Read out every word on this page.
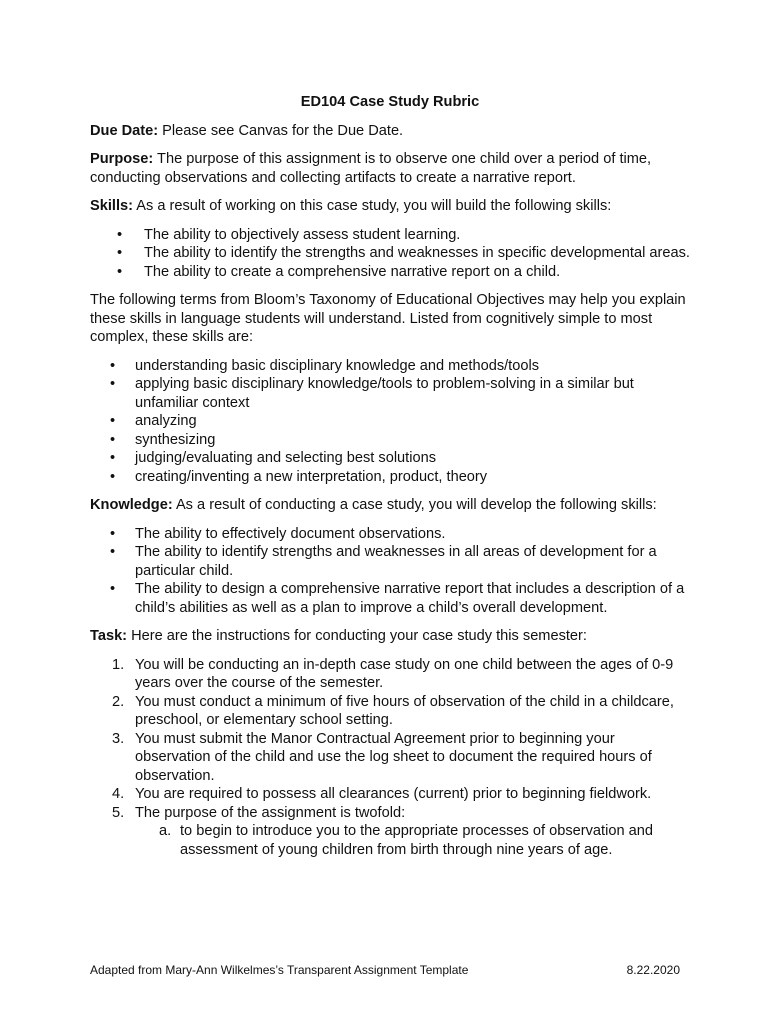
ED104 Case Study Rubric

Due Date: Please see Canvas for the Due Date.

Purpose: The purpose of this assignment is to observe one child over a period of time, conducting observations and collecting artifacts to create a narrative report.

Skills: As a result of working on this case study, you will build the following skills:

• The ability to objectively assess student learning.
• The ability to identify the strengths and weaknesses in specific developmental areas.
• The ability to create a comprehensive narrative report on a child.

The following terms from Bloom’s Taxonomy of Educational Objectives may help you explain these skills in language students will understand. Listed from cognitively simple to most complex, these skills are:

• understanding basic disciplinary knowledge and methods/tools
• applying basic disciplinary knowledge/tools to problem-solving in a similar but unfamiliar context
• analyzing
• synthesizing
• judging/evaluating and selecting best solutions
• creating/inventing a new interpretation, product, theory

Knowledge: As a result of conducting a case study, you will develop the following skills:

• The ability to effectively document observations.
• The ability to identify strengths and weaknesses in all areas of development for a particular child.
• The ability to design a comprehensive narrative report that includes a description of a child’s abilities as well as a plan to improve a child’s overall development.

Task: Here are the instructions for conducting your case study this semester:

1. You will be conducting an in-depth case study on one child between the ages of 0-9 years over the course of the semester.
2. You must conduct a minimum of five hours of observation of the child in a childcare, preschool, or elementary school setting.
3. You must submit the Manor Contractual Agreement prior to beginning your observation of the child and use the log sheet to document the required hours of observation.
4. You are required to possess all clearances (current) prior to beginning fieldwork.
5. The purpose of the assignment is twofold:
a. to begin to introduce you to the appropriate processes of observation and assessment of young children from birth through nine years of age.
Adapted from Mary-Ann Wilkelmes’s Transparent Assignment Template	8.22.2020
